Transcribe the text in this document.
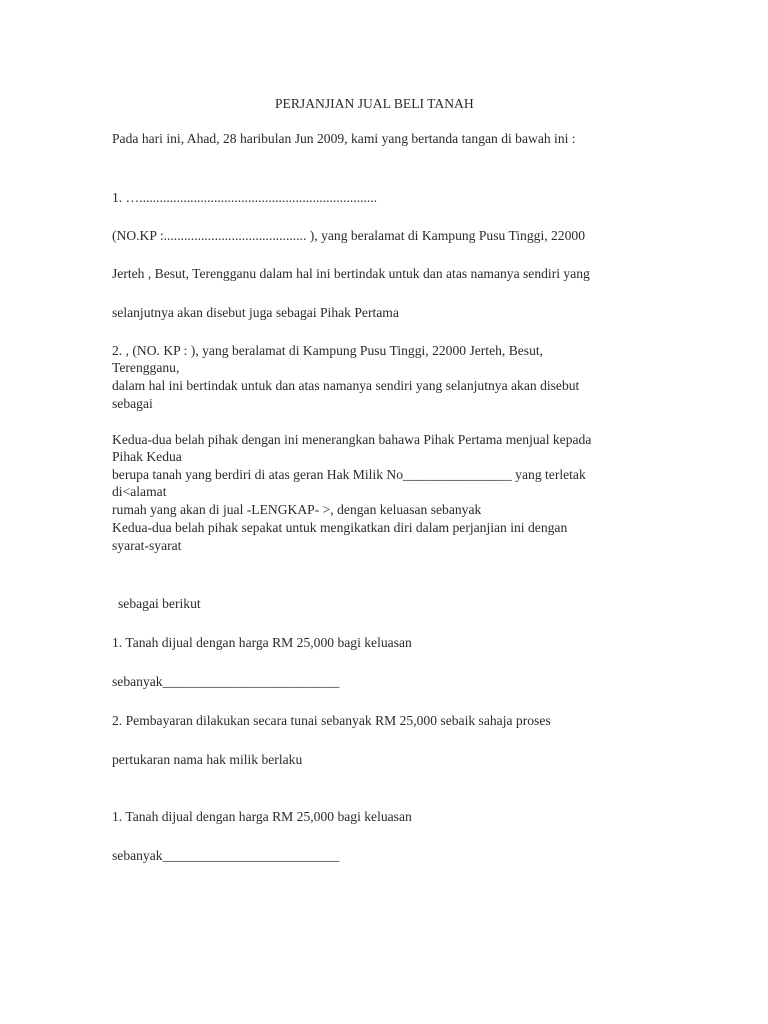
PERJANJIAN JUAL BELI TANAH
Pada hari ini, Ahad, 28 haribulan Jun 2009, kami yang bertanda tangan di bawah ini :
1. …......................................................................
(NO.KP :.......................................... ), yang beralamat di Kampung Pusu Tinggi, 22000
Jerteh , Besut, Terengganu dalam hal ini bertindak untuk dan atas namanya sendiri yang
selanjutnya akan disebut juga sebagai Pihak Pertama
2. , (NO. KP : ), yang beralamat di Kampung Pusu Tinggi, 22000 Jerteh, Besut,
Terengganu,
dalam hal ini bertindak untuk dan atas namanya sendiri yang selanjutnya akan disebut
sebagai
Kedua-dua belah pihak dengan ini menerangkan bahawa Pihak Pertama menjual kepada
Pihak Kedua
berupa tanah yang berdiri di atas geran Hak Milik No________________ yang terletak
di<alamat
rumah yang akan di jual -LENGKAP- >, dengan keluasan sebanyak
Kedua-dua belah pihak sepakat untuk mengikatkan diri dalam perjanjian ini dengan
syarat-syarat
sebagai berikut
1. Tanah dijual dengan harga RM 25,000 bagi keluasan
sebanyak__________________________
2. Pembayaran dilakukan secara tunai sebanyak RM 25,000 sebaik sahaja proses
pertukaran nama hak milik berlaku
1. Tanah dijual dengan harga RM 25,000 bagi keluasan
sebanyak__________________________
